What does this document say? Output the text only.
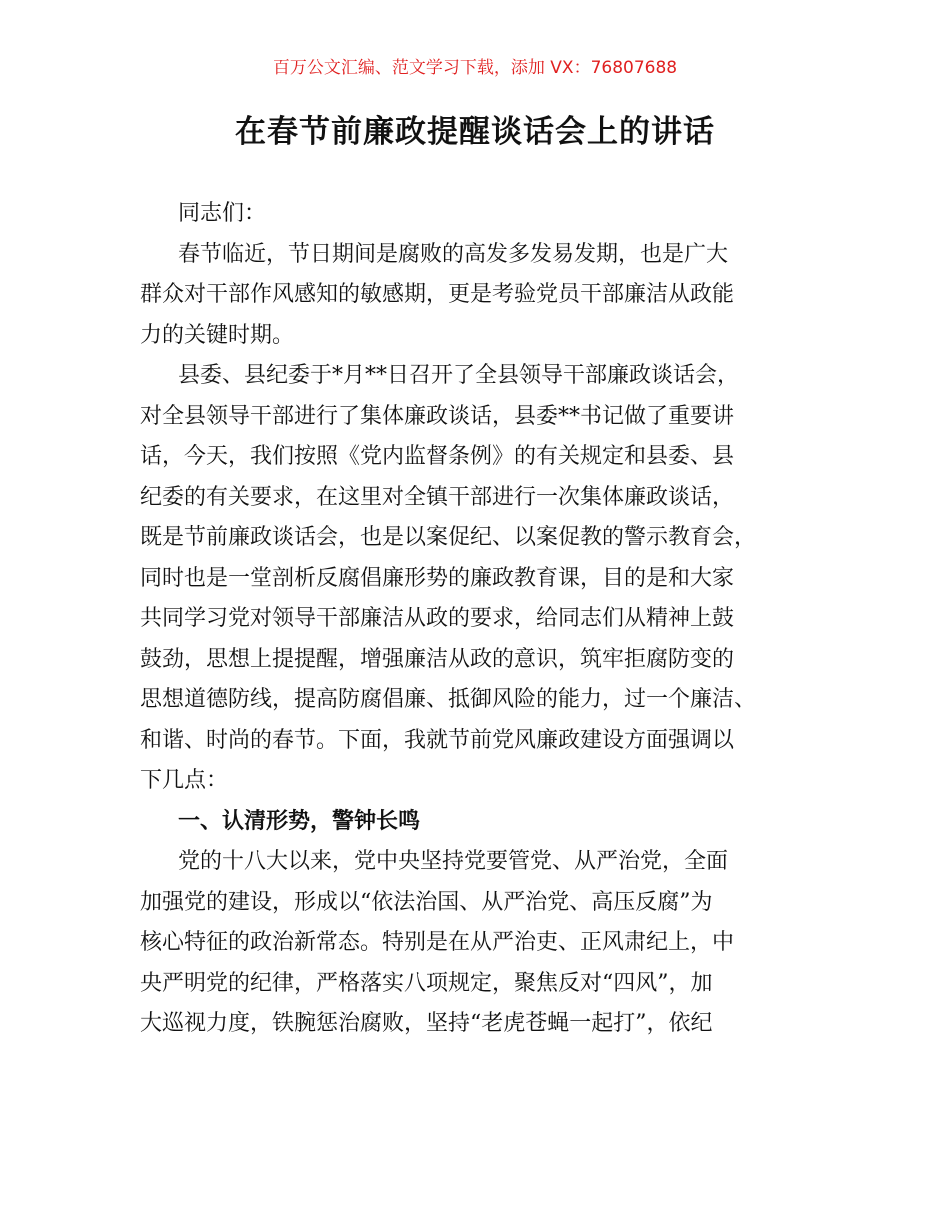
百万公文汇编、范文学习下载，添加 VX：76807688
在春节前廉政提醒谈话会上的讲话
同志们：
春节临近，节日期间是腐败的高发多发易发期，也是广大
群众对干部作风感知的敏感期，更是考验党员干部廉洁从政能
力的关键时期。
县委、县纪委于*月**日召开了全县领导干部廉政谈话会，
对全县领导干部进行了集体廉政谈话，县委**书记做了重要讲
话，今天，我们按照《党内监督条例》的有关规定和县委、县
纪委的有关要求，在这里对全镇干部进行一次集体廉政谈话，
既是节前廉政谈话会，也是以案促纪、以案促教的警示教育会，
同时也是一堂剖析反腐倡廉形势的廉政教育课，目的是和大家
共同学习党对领导干部廉洁从政的要求，给同志们从精神上鼓
鼓劲，思想上提提醒，增强廉洁从政的意识，筑牢拒腐防变的
思想道德防线，提高防腐倡廉、抵御风险的能力，过一个廉洁、
和谐、时尚的春节。下面，我就节前党风廉政建设方面强调以
下几点：
一、认清形势，警钟长鸣
党的十八大以来，党中央坚持党要管党、从严治党，全面
加强党的建设，形成以“依法治国、从严治党、高压反腐”为
核心特征的政治新常态。特别是在从严治吏、正风肃纪上，中
央严明党的纪律，严格落实八项规定，聚焦反对“四风”，加
大巡视力度，铁腕惩治腐败，坚持“老虎苍蝇一起打”，依纪
